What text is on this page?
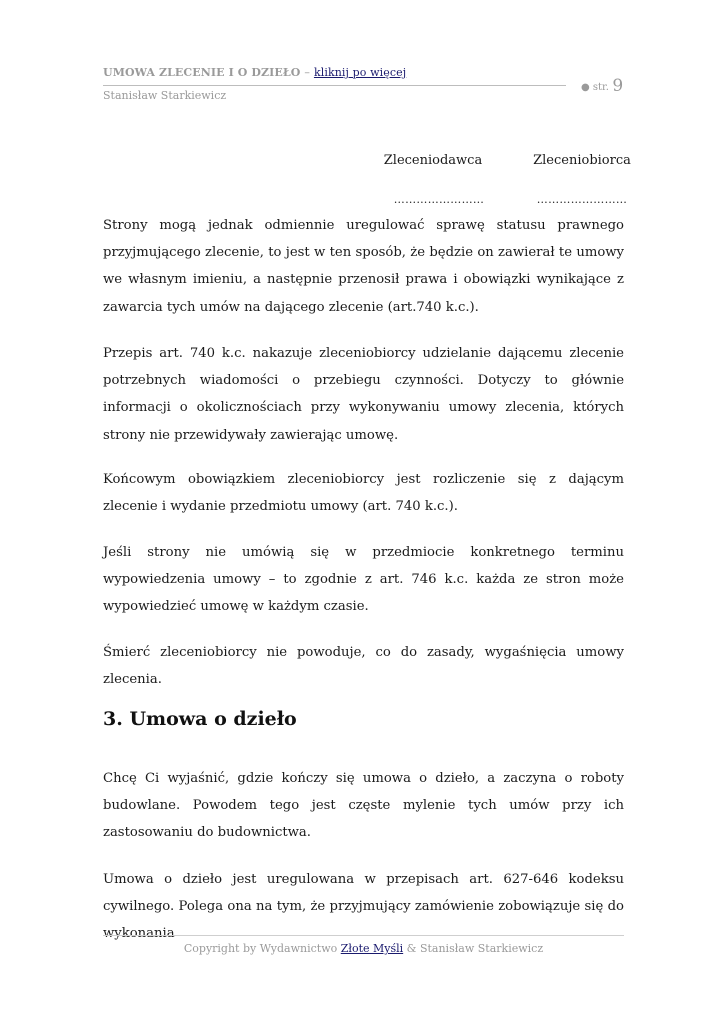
UMOWA ZLECENIE I O DZIEŁO – kliknij po więcej
Stanisław Starkiewicz
● str. 9
Zleceniodawca	Zleceniobiorca
……………………	……………………

Strony mogą jednak odmiennie uregulować sprawę statusu prawnego przyjmującego zlecenie, to jest w ten sposób, że będzie on zawierał te umowy we własnym imieniu, a następnie przenosił prawa i obowiązki wynikające z zawarcia tych umów na dającego zlecenie (art.740 k.c.).

Przepis art. 740 k.c. nakazuje zleceniobiorcy udzielanie dającemu zlecenie potrzebnych wiadomości o przebiegu czynności. Dotyczy to głównie informacji o okolicznościach przy wykonywaniu umowy zlecenia, których strony nie przewidywały zawierając umowę.

Końcowym obowiązkiem zleceniobiorcy jest rozliczenie się z dającym zlecenie i wydanie przedmiotu umowy (art. 740 k.c.).

Jeśli strony nie umówią się w przedmiocie konkretnego terminu wypowiedzenia umowy – to zgodnie z art. 746 k.c. każda ze stron może wypowiedzieć umowę w każdym czasie.

Śmierć zleceniobiorcy nie powoduje, co do zasady, wygaśnięcia umowy zlecenia.

3. Umowa o dzieło

Chcę Ci wyjaśnić, gdzie kończy się umowa o dzieło, a zaczyna o roboty budowlane. Powodem tego jest częste mylenie tych umów przy ich zastosowaniu do budownictwa.

Umowa o dzieło jest uregulowana w przepisach art. 627-646 kodeksu cywilnego. Polega ona na tym, że przyjmujący zamówienie zobowiązuje się do wykonania

Copyright by Wydawnictwo Złote Myśli & Stanisław Starkiewicz
